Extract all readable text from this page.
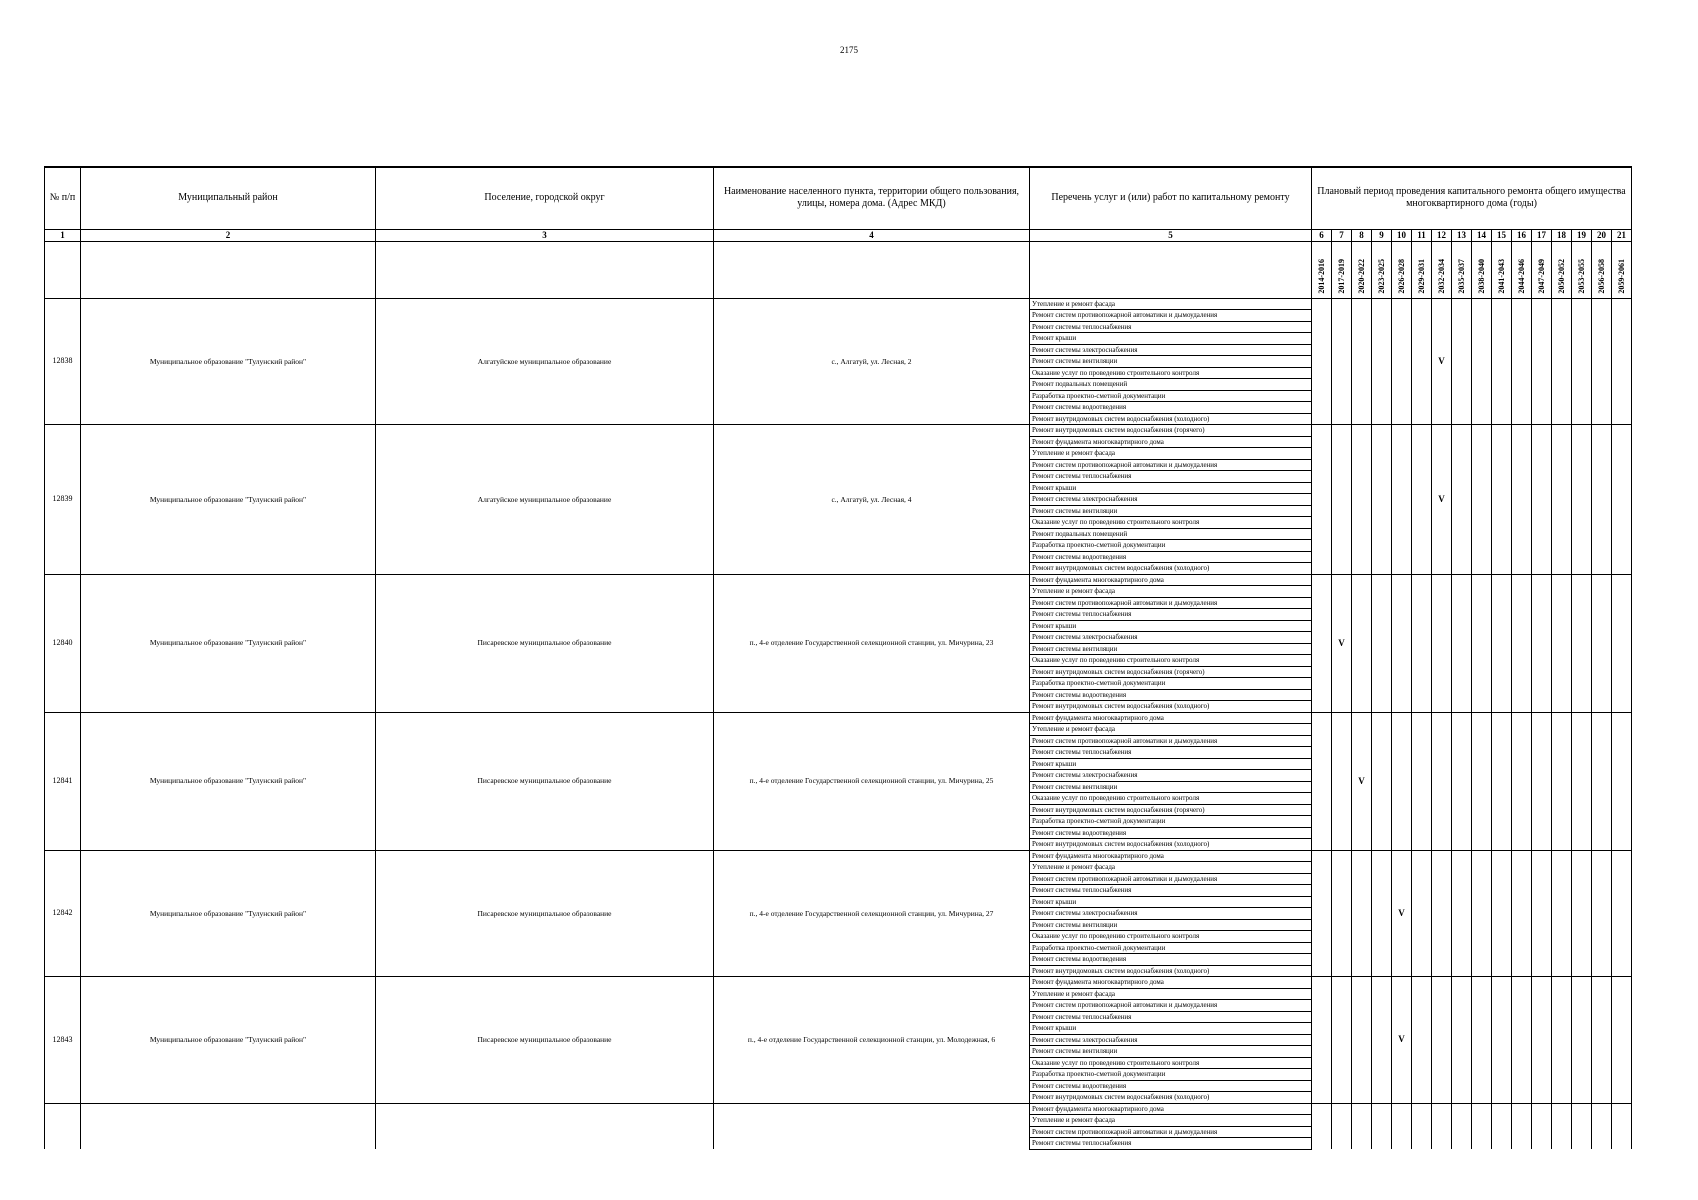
2175
№ п/п	Муниципальный район	Поселение, городской округ	Наименование населенного пункта, территории общего пользования, улицы, номера дома. (Адрес МКД)	Перечень услуг и (или) работ по капитальному ремонту	Плановый период проведения капитального ремонта общего имущества многоквартирного дома (годы)															
1	2	3	4	5	6	7	8	9	10	11	12	13	14	15	16	17	18	19	20	21
					2014-2016	2017-2019	2020-2022	2023-2025	2026-2028	2029-2031	2032-2034	2035-2037	2038-2040	2041-2043	2044-2046	2047-2049	2050-2052	2053-2055	2056-2058	2059-2061
12838	Муниципальное образование "Тулунский район"	Алгатуйское муниципальное образование	с., Алгатуй, ул. Лесная, 2	Утепление и ремонт фасада							V									
				Ремонт систем противопожарной автоматики и дымоудаления																
				Ремонт системы теплоснабжения																
				Ремонт крыши																
				Ремонт системы электроснабжения																
				Ремонт системы вентиляции																
				Оказание услуг по проведению строительного контроля																
				Ремонт подвальных помещений																
				Разработка проектно-сметной документации																
				Ремонт системы водоотведения																
				Ремонт внутридомовых систем водоснабжения (холодного)																
12839	Муниципальное образование "Тулунский район"	Алгатуйское муниципальное образование	с., Алгатуй, ул. Лесная, 4	Ремонт внутридомовых систем водоснабжения (горячего)							V									
				Ремонт фундамента многоквартирного дома																
				Утепление и ремонт фасада																
				Ремонт систем противопожарной автоматики и дымоудаления																
				Ремонт системы теплоснабжения																
				Ремонт крыши																
				Ремонт системы электроснабжения																
				Ремонт системы вентиляции																
				Оказание услуг по проведению строительного контроля																
				Ремонт подвальных помещений																
				Разработка проектно-сметной документации																
				Ремонт системы водоотведения																
				Ремонт внутридомовых систем водоснабжения (холодного)																
12840	Муниципальное образование "Тулунский район"	Писаревское муниципальное образование	п., 4-е отделение Государственной селекционной станции, ул. Мичурина, 23	Ремонт фундамента многоквартирного дома		V														
				Утепление и ремонт фасада																
				Ремонт систем противопожарной автоматики и дымоудаления																
				Ремонт системы теплоснабжения																
				Ремонт крыши																
				Ремонт системы электроснабжения																
				Ремонт системы вентиляции																
				Оказание услуг по проведению строительного контроля																
				Ремонт внутридомовых систем водоснабжения (горячего)																
				Разработка проектно-сметной документации																
				Ремонт системы водоотведения																
				Ремонт внутридомовых систем водоснабжения (холодного)																
12841	Муниципальное образование "Тулунский район"	Писаревское муниципальное образование	п., 4-е отделение Государственной селекционной станции, ул. Мичурина, 25	Ремонт фундамента многоквартирного дома			V													
				Утепление и ремонт фасада																
				Ремонт систем противопожарной автоматики и дымоудаления																
				Ремонт системы теплоснабжения																
				Ремонт крыши																
				Ремонт системы электроснабжения																
				Ремонт системы вентиляции																
				Оказание услуг по проведению строительного контроля																
				Ремонт внутридомовых систем водоснабжения (горячего)																
				Разработка проектно-сметной документации																
				Ремонт системы водоотведения																
				Ремонт внутридомовых систем водоснабжения (холодного)																
12842	Муниципальное образование "Тулунский район"	Писаревское муниципальное образование	п., 4-е отделение Государственной селекционной станции, ул. Мичурина, 27	Ремонт фундамента многоквартирного дома					V											
				Утепление и ремонт фасада																
				Ремонт систем противопожарной автоматики и дымоудаления																
				Ремонт системы теплоснабжения																
				Ремонт крыши																
				Ремонт системы электроснабжения																
				Ремонт системы вентиляции																
				Оказание услуг по проведению строительного контроля																
				Разработка проектно-сметной документации																
				Ремонт системы водоотведения																
				Ремонт внутридомовых систем водоснабжения (холодного)																
12843	Муниципальное образование "Тулунский район"	Писаревское муниципальное образование	п., 4-е отделение Государственной селекционной станции, ул. Молодежная, 6	Ремонт фундамента многоквартирного дома					V											
				Утепление и ремонт фасада																
				Ремонт систем противопожарной автоматики и дымоудаления																
				Ремонт системы теплоснабжения																
				Ремонт крыши																
				Ремонт системы электроснабжения																
				Ремонт системы вентиляции																
				Оказание услуг по проведению строительного контроля																
				Разработка проектно-сметной документации																
				Ремонт системы водоотведения																
				Ремонт внутридомовых систем водоснабжения (холодного)																
				Ремонт фундамента многоквартирного дома																
				Утепление и ремонт фасада																
				Ремонт систем противопожарной автоматики и дымоудаления																
				Ремонт системы теплоснабжения																
